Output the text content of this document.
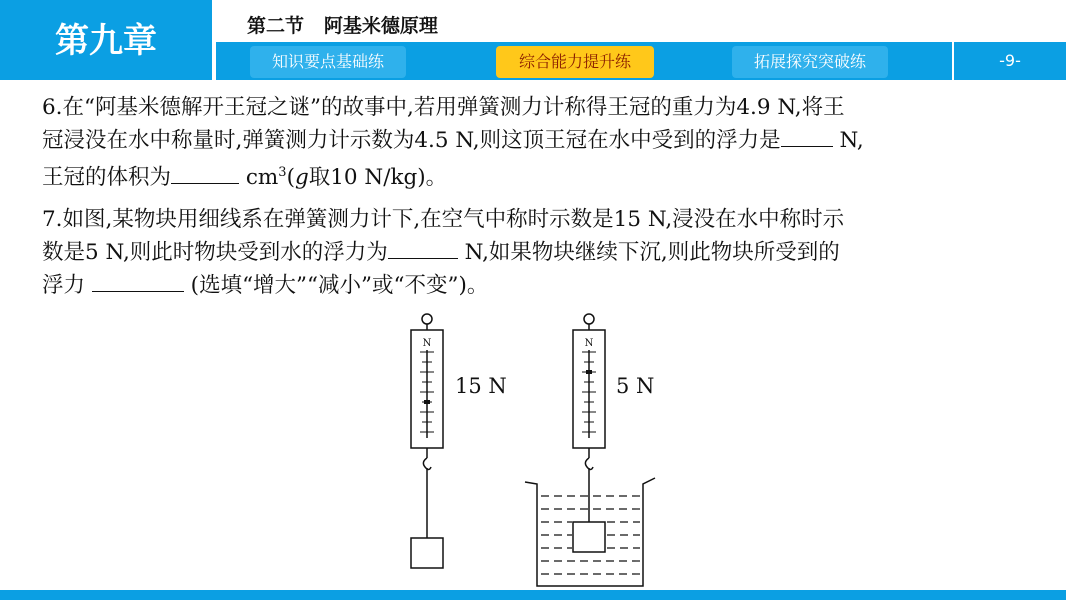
第九章	第二节 阿基米德原理
知识要点基础练	综合能力提升练	拓展探究突破练	-9-
6.在“阿基米德解开王冠之谜”的故事中,若用弹簧测力计称得王冠的重力为4.9 N,将王
冠浸没在水中称量时,弹簧测力计示数为4.5 N,则这顶王冠在水中受到的浮力是 N,
王冠的体积为	$cm^3(g$取10 N/kg)。
7.如图,某物块用细线系在弹簧测力计下,在空气中称时示数是15 N,浸没在水中称时示
数是5 N,则此时物块受到水的浮力为	N,如果物块继续下沉,则此物块所受到的
浮力	(选填“增大”“减小”或“不变”)。
N	N
15 N	5 N
